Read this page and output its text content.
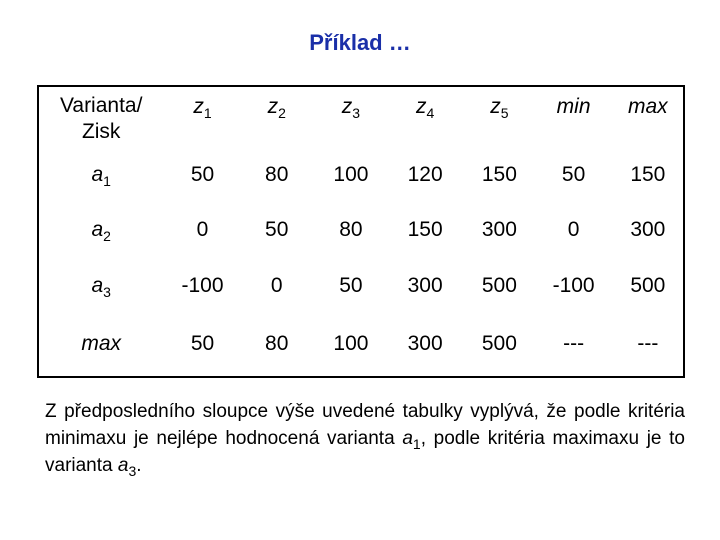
Příklad …
Varianta/
Zisk	$z_1$	$z_2$	$z_3$	$z_4$	$z_5$	min	max
$a_1$	50	80	100	120	150	50	150
$a_2$	0	50	80	150	300	0	300
$a_3$	-100	0	50	300	500	-100	500
max	50	80	100	300	500	---	---
Z předposledního sloupce výše uvedené tabulky vyplývá, že podle kritéria minimaxu je nejlépe hodnocená varianta $a_1$, podle kritéria maximaxu je to varianta $a_3$.
